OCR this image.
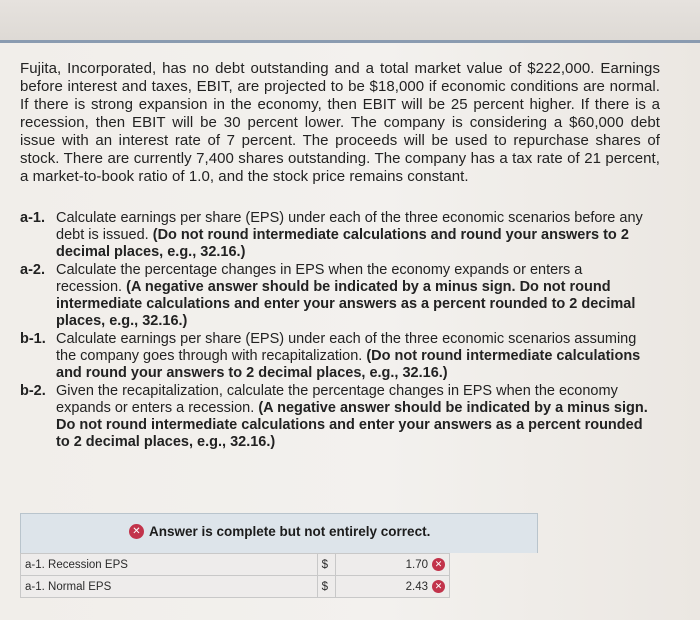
Fujita, Incorporated, has no debt outstanding and a total market value of $222,000. Earnings before interest and taxes, EBIT, are projected to be $18,000 if economic conditions are normal. If there is strong expansion in the economy, then EBIT will be 25 percent higher. If there is a recession, then EBIT will be 30 percent lower. The company is considering a $60,000 debt issue with an interest rate of 7 percent. The proceeds will be used to repurchase shares of stock. There are currently 7,400 shares outstanding. The company has a tax rate of 21 percent, a market-to-book ratio of 1.0, and the stock price remains constant.

a-1. Calculate earnings per share (EPS) under each of the three economic scenarios before any debt is issued. (Do not round intermediate calculations and round your answers to 2 decimal places, e.g., 32.16.)
a-2. Calculate the percentage changes in EPS when the economy expands or enters a recession. (A negative answer should be indicated by a minus sign. Do not round intermediate calculations and enter your answers as a percent rounded to 2 decimal places, e.g., 32.16.)
b-1. Calculate earnings per share (EPS) under each of the three economic scenarios assuming the company goes through with recapitalization. (Do not round intermediate calculations and round your answers to 2 decimal places, e.g., 32.16.)
b-2. Given the recapitalization, calculate the percentage changes in EPS when the economy expands or enters a recession. (A negative answer should be indicated by a minus sign. Do not round intermediate calculations and enter your answers as a percent rounded to 2 decimal places, e.g., 32.16.)
✕ Answer is complete but not entirely correct.
a-1. Recession EPS	$	1.70 ✕

a-1. Normal EPS	$	2.43 ✕
